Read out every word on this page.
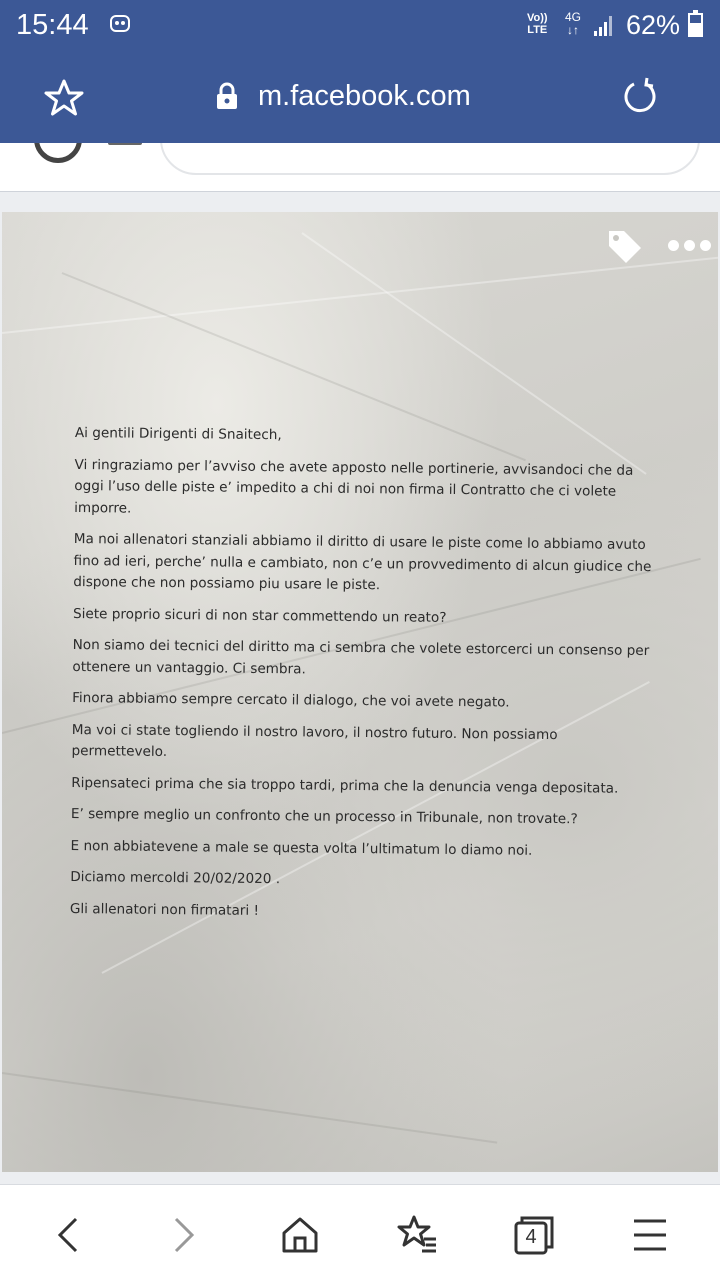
15:44	Vo))
LTE
4G
↓↑ 62%
m.facebook.com

Ai gentili Dirigenti di Snaitech,

Vi ringraziamo per l’avviso che avete apposto nelle portinerie, avvisandoci che da oggi l’uso delle piste e’ impedito a chi di noi non firma il Contratto che ci volete imporre.

Ma noi allenatori stanziali abbiamo il diritto di usare le piste come lo abbiamo avuto fino ad ieri, perche’ nulla e cambiato, non c’e un provvedimento di alcun giudice che dispone che non possiamo piu usare le piste.

Siete proprio sicuri di non star commettendo un reato?

Non siamo dei tecnici del diritto ma ci sembra che volete estorcerci un consenso per ottenere un vantaggio. Ci sembra.

Finora abbiamo sempre cercato il dialogo, che voi avete negato.

Ma voi ci state togliendo il nostro lavoro, il nostro futuro. Non possiamo permettevelo.

Ripensateci prima che sia troppo tardi, prima che la denuncia venga depositata.

E’ sempre meglio un confronto che un processo in Tribunale, non trovate.?

E non abbiatevene a male se questa volta l’ultimatum lo diamo noi.

Diciamo mercoldi 20/02/2020 .

Gli allenatori non firmatari !

4
